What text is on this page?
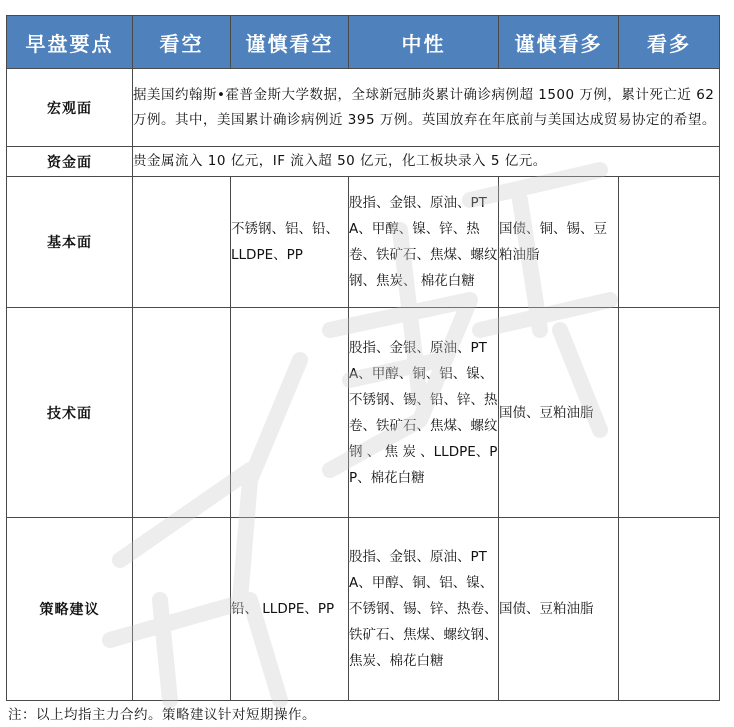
早盘要点	看空	谨慎看空	中性	谨慎看多	看多
宏观面	据美国约翰斯•霍普金斯大学数据，全球新冠肺炎累计确诊病例超 1500 万例，累计死亡近 62 万例。其中，美国累计确诊病例近 395 万例。英国放弃在年底前与美国达成贸易协定的希望。				
资金面	贵金属流入 10 亿元，IF 流入超 50 亿元，化工板块录入 5 亿元。				
基本面		不锈钢、铝、铅、 LLDPE、PP	股指、金银、原油、PTA、甲醇、镍、锌、热卷、铁矿石、焦煤、螺纹钢、焦炭、 棉花白糖	国债、铜、锡、豆粕油脂	
技术面			股指、金银、原油、PTA、甲醇、铜、铝、镍、不锈钢、锡、铅、锌、热卷、铁矿石、焦煤、螺纹 钢 、 焦 炭 、LLDPE、PP、棉花白糖	国债、豆粕油脂	
策略建议		铅、 LLDPE、PP	股指、金银、原油、PTA、甲醇、铜、铝、镍、不锈钢、锡、锌、热卷、铁矿石、焦煤、螺纹钢、焦炭、棉花白糖	国债、豆粕油脂	
注：以上均指主力合约。策略建议针对短期操作。
